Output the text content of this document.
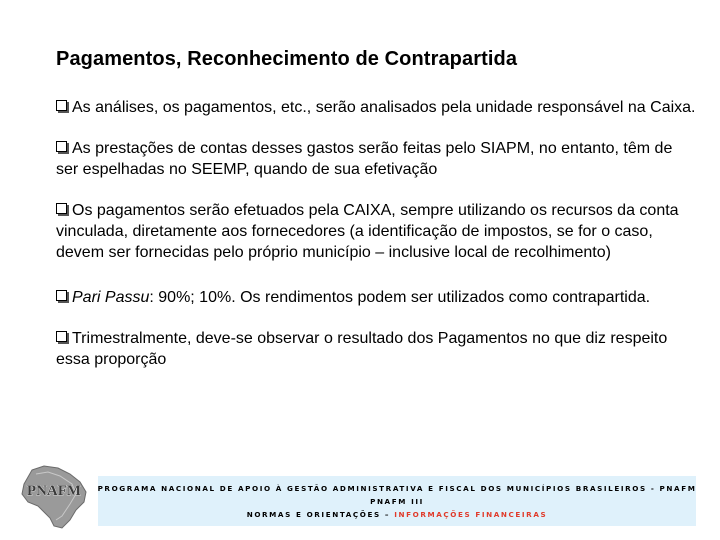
Pagamentos, Reconhecimento de Contrapartida

As análises, os pagamentos, etc., serão analisados pela unidade responsável na Caixa.

As prestações de contas desses gastos serão feitas pelo SIAPM, no entanto, têm de ser espelhadas no SEEMP, quando de sua efetivação

Os pagamentos serão efetuados pela CAIXA, sempre utilizando os recursos da conta vinculada, diretamente aos fornecedores (a identificação de impostos, se for o caso, devem ser fornecidas pelo próprio município – inclusive local de recolhimento)

Pari Passu: 90%; 10%. Os rendimentos podem ser utilizados como contrapartida.

Trimestralmente, deve-se observar o resultado dos Pagamentos no que diz respeito essa proporção

PNAFM PROGRAMA NACIONAL DE APOIO À GESTÃO ADMINISTRATIVA E FISCAL DOS MUNICÍPIOS BRASILEIROS - PNAFM
PNAFM III
NORMAS E ORIENTAÇÕES – INFORMAÇÕES FINANCEIRAS
